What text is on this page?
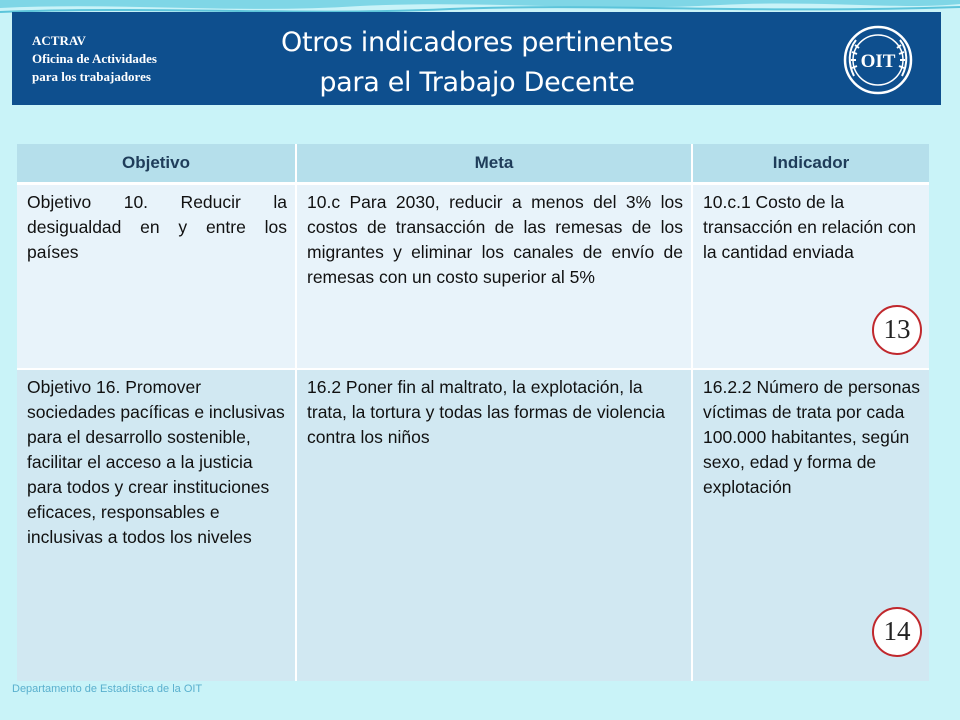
ACTRAV
Oficina de Actividades
para los trabajadores
Otros indicadores pertinentes
para el Trabajo Decente
OIT
Objetivo	Meta	Indicador
Objetivo 10. Reducir la desigualdad en y entre los países	10.c Para 2030, reducir a menos del 3% los costos de transacción de las remesas de los migrantes y eliminar los canales de envío de remesas con un costo superior al 5%	10.c.1 Costo de la transacción en relación con la cantidad enviada
Objetivo 16. Promover sociedades pacíficas e inclusivas para el desarrollo sostenible, facilitar el acceso a la justicia para todos y crear instituciones eficaces, responsables e inclusivas a todos los niveles	16.2 Poner fin al maltrato, la explotación, la trata, la tortura y todas las formas de violencia contra los niños	16.2.2 Número de personas víctimas de trata por cada 100.000 habitantes, según sexo, edad y forma de explotación
13
14
Departamento de Estadística de la OIT
